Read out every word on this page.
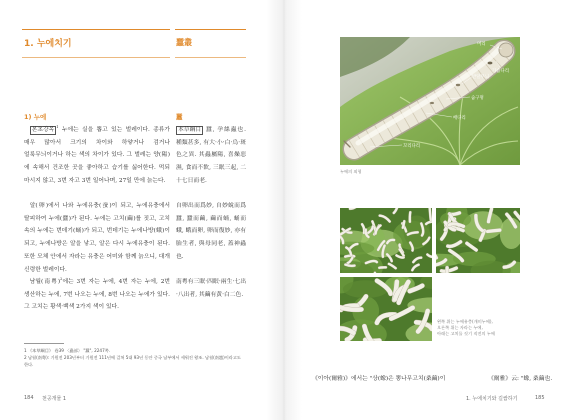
1. 누에치기	蠶叢
1) 누에	蠶

본초강목 $^1$ 누에는 실을 뽑고 있는 벌레이다. 종류가 매우 많아서 크기의 차이와 하얗거나 검거나 얼룩무늬이거나 하는 색의 차이가 있다. 그 벌레는 양(陽)에 속해서 건조한 곳을 좋아하고 습기를 싫어한다. 먹되 마시지 않고, 3번 자고 3번 일어나며, 27일 만에 늙는다.

알(卵)에서 나와 누에유충(蚕)이 되고, 누에유충에서 탈피하여 누에(蠶)가 된다. 누에는 고치(繭)를 짓고, 고치 속의 누에는 번데기(蛹)가 되고, 번데기는 누에나방(蛾)이 되고, 누에나방은 알을 낳고, 알은 다시 누에유충이 된다. 또한 모체 안에서 자라는 유충은 어미와 함께 늙으니, 대개 신령한 벌레이다.

남월(南粵)$^2$에는 3번 자는 누에, 4번 자는 누에, 2번 생산하는 누에, 7번 나오는 누에, 8번 나오는 누에가 있다. 그 고치는 황색·백색 2가지 색이 있다.

本草綱目 蠶, 孕絲蟲也. 種類甚多, 有大·小·白·烏·斑色之異. 其蟲屬陽, 喜燥惡濕, 食而不飮, 三眠三起, 二十七日而老.

自卵出而爲妙, 自妙蛻而爲蠶, 蠶而繭, 繭而蛹, 蛹而蛾, 蛾而卵, 卵而復妙, 亦有胎生者, 與母同老, 蓋神蟲也.

南粵有三眠·四眠·兩生·七出·八出者, 其繭有黃·白二色.

1 《本草綱目》 卷39 〈蟲部〉 "蠶", 2247쪽.
2 남월(南粵): 기원전 203년부터 기원전 111년에 걸쳐 5대 93년 동안 중국 남부에서 세워진 왕조. 남월(南越)이라고도 한다.
184 천공개물 1
머리
가슴다리
반달무늬
숨구멍
배다리
꼬리다리
누에의 외형
왼쪽 위는 누에유충(개미누에),
오른쪽 위는 자라는 누에,
아래는 고치를 짓기 직전의 누에
《이아(爾雅)》에서는 "상(蟓)은 뽕나무고치(桑繭)이	《爾雅》云: "蟓, 桑繭也.
1. 누에치기와 길쌈하기	185
